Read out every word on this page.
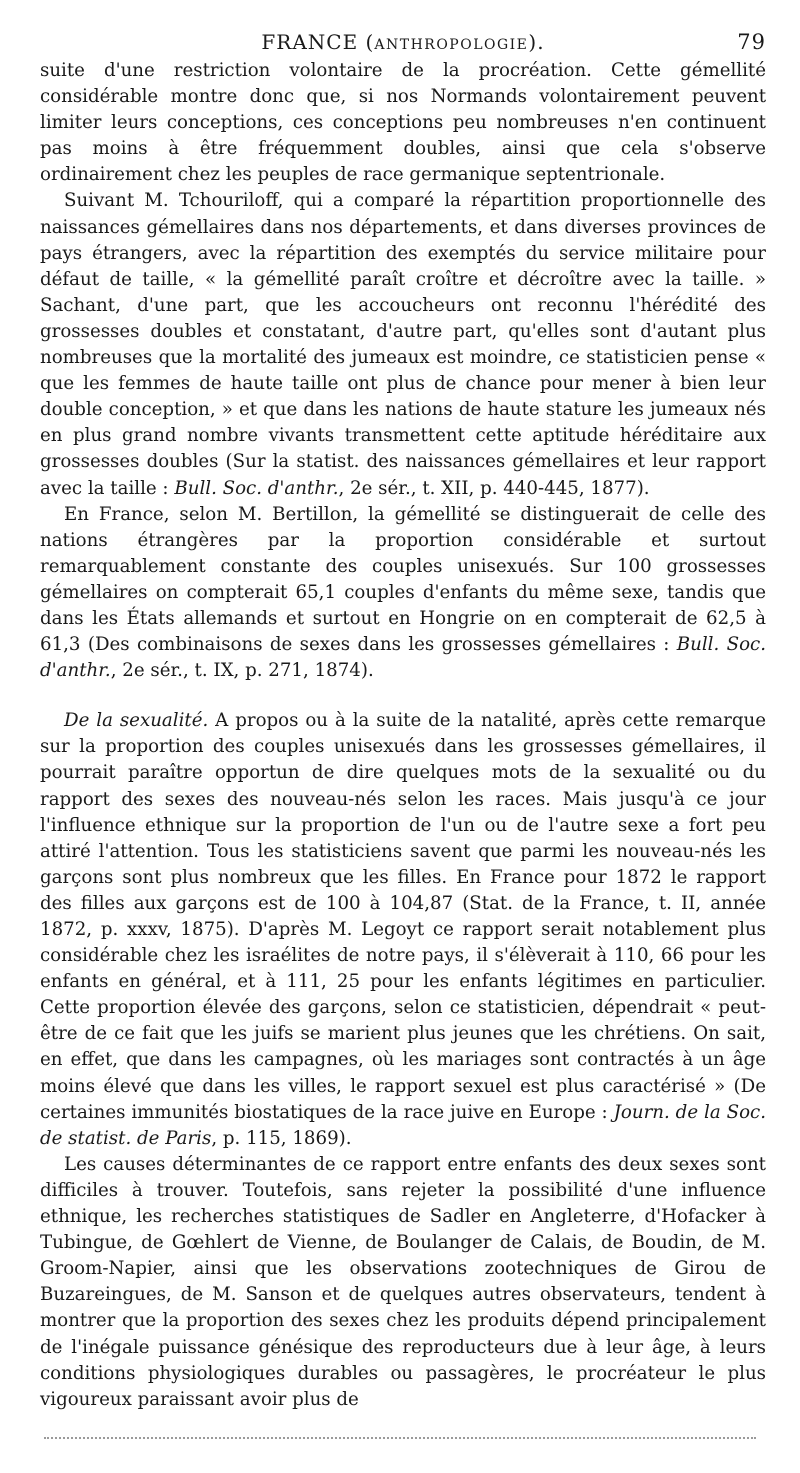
FRANCE (ANTHROPOLOGIE).	79

suite d'une restriction volontaire de la procréation. Cette gémellité considérable montre donc que, si nos Normands volontairement peuvent limiter leurs conceptions, ces conceptions peu nombreuses n'en continuent pas moins à être fréquemment doubles, ainsi que cela s'observe ordinairement chez les peuples de race germanique septentrionale.

Suivant M. Tchouriloff, qui a comparé la répartition proportionnelle des naissances gémellaires dans nos départements, et dans diverses provinces de pays étrangers, avec la répartition des exemptés du service militaire pour défaut de taille, « la gémellité paraît croître et décroître avec la taille. » Sachant, d'une part, que les accoucheurs ont reconnu l'hérédité des grossesses doubles et constatant, d'autre part, qu'elles sont d'autant plus nombreuses que la mortalité des jumeaux est moindre, ce statisticien pense « que les femmes de haute taille ont plus de chance pour mener à bien leur double conception, » et que dans les nations de haute stature les jumeaux nés en plus grand nombre vivants transmettent cette aptitude héréditaire aux grossesses doubles (Sur la statist. des naissances gémellaires et leur rapport avec la taille : Bull. Soc. d'anthr., 2e sér., t. XII, p. 440-445, 1877).

En France, selon M. Bertillon, la gémellité se distinguerait de celle des nations étrangères par la proportion considérable et surtout remarquablement constante des couples unisexués. Sur 100 grossesses gémellaires on compterait 65,1 couples d'enfants du même sexe, tandis que dans les États allemands et surtout en Hongrie on en compterait de 62,5 à 61,3 (Des combinaisons de sexes dans les grossesses gémellaires : Bull. Soc. d'anthr., 2e sér., t. IX, p. 271, 1874).

De la sexualité. A propos ou à la suite de la natalité, après cette remarque sur la proportion des couples unisexués dans les grossesses gémellaires, il pourrait paraître opportun de dire quelques mots de la sexualité ou du rapport des sexes des nouveau-nés selon les races. Mais jusqu'à ce jour l'influence ethnique sur la proportion de l'un ou de l'autre sexe a fort peu attiré l'attention. Tous les statisticiens savent que parmi les nouveau-nés les garçons sont plus nombreux que les filles. En France pour 1872 le rapport des filles aux garçons est de 100 à 104,87 (Stat. de la France, t. II, année 1872, p. xxxv, 1875). D'après M. Legoyt ce rapport serait notablement plus considérable chez les israélites de notre pays, il s'élèverait à 110, 66 pour les enfants en général, et à 111, 25 pour les enfants légitimes en particulier. Cette proportion élevée des garçons, selon ce statisticien, dépendrait « peut-être de ce fait que les juifs se marient plus jeunes que les chrétiens. On sait, en effet, que dans les campagnes, où les mariages sont contractés à un âge moins élevé que dans les villes, le rapport sexuel est plus caractérisé » (De certaines immunités biostatiques de la race juive en Europe : Journ. de la Soc. de statist. de Paris, p. 115, 1869).

Les causes déterminantes de ce rapport entre enfants des deux sexes sont difficiles à trouver. Toutefois, sans rejeter la possibilité d'une influence ethnique, les recherches statistiques de Sadler en Angleterre, d'Hofacker à Tubingue, de Gœhlert de Vienne, de Boulanger de Calais, de Boudin, de M. Groom-Napier, ainsi que les observations zootechniques de Girou de Buzareingues, de M. Sanson et de quelques autres observateurs, tendent à montrer que la proportion des sexes chez les produits dépend principalement de l'inégale puissance génésique des reproducteurs due à leur âge, à leurs conditions physiologiques durables ou passagères, le procréateur le plus vigoureux paraissant avoir plus de
